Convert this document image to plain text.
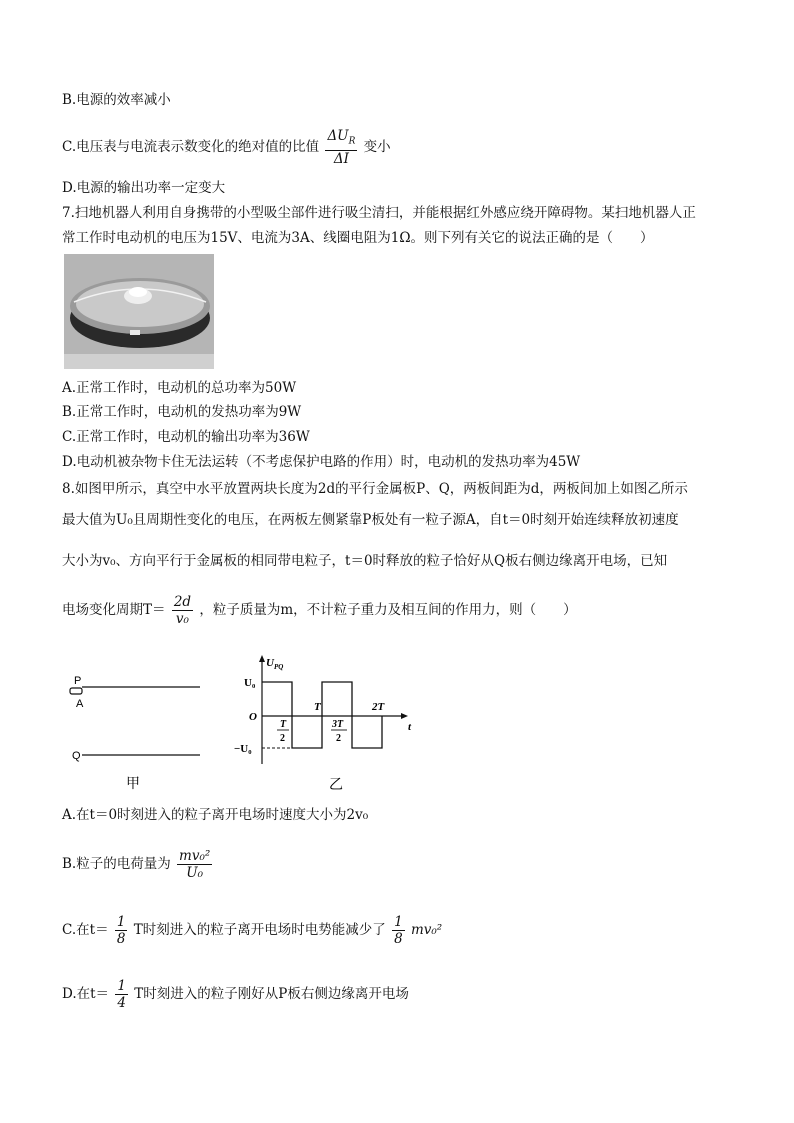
B.电源的效率减小
C.电压表与电流表示数变化的绝对值的比值 $\frac{\Delta U_R}{\Delta I}$ 变小
D.电源的输出功率一定变大
7.扫地机器人利用自身携带的小型吸尘部件进行吸尘清扫，并能根据红外感应绕开障碍物。某扫地机器人正
常工作时电动机的电压为15V、电流为3A、线圈电阻为1Ω。则下列有关它的说法正确的是（　　）
A.正常工作时，电动机的总功率为50W
B.正常工作时，电动机的发热功率为9W
C.正常工作时，电动机的输出功率为36W
D.电动机被杂物卡住无法运转（不考虑保护电路的作用）时，电动机的发热功率为45W
8.如图甲所示，真空中水平放置两块长度为2d的平行金属板P、Q，两板间距为d，两板间加上如图乙所示
最大值为U₀且周期性变化的电压，在两板左侧紧靠P板处有一粒子源A，自t＝0时刻开始连续释放初速度
大小为v₀、方向平行于金属板的相同带电粒子，t＝0时释放的粒子恰好从Q板右侧边缘离开电场，已知
电场变化周期$T= \frac{2d}{\text{v₀}}$ ，粒子质量为m，不计粒子重力及相互间的作用力，则（　　）
P
A
Q
甲
$U_{PQ}$
U₀
−U₀
O
t
T	2T
T
2
3T
2
乙
A.在t＝0时刻进入的粒子离开电场时速度大小为2v₀
B.粒子的电荷量为 $\frac{\text{mv₀²}}{\text{U₀}}$
C.在$t= \frac{1}{8}$ T时刻进入的粒子离开电场时电势能减少了 $\frac{1}{8} mv_0^2$
D.在$t= \frac{1}{4}$ T时刻进入的粒子刚好从P板右侧边缘离开电场
